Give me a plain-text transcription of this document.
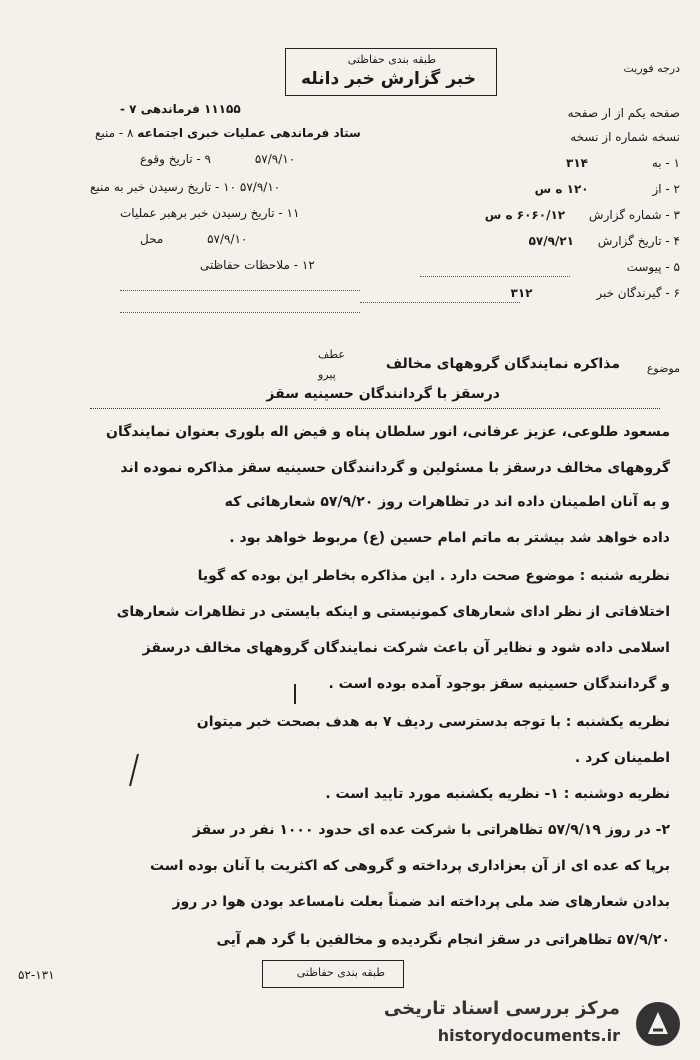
درجه فوریت
طبقه بندی حفاظتی
خبر گزارش خبر دانله
صفحه یکم از ار صفحه
نسخه شماره از نسخه
۱ - به ۳۱۴
۲ - از ۱۲۰ ه س
۳ - شماره گزارش ۶۰۶۰/۱۲ ه س
۴ - تاریخ گزارش ۵۷/۹/۲۱
۵ - پیوست
۶ - گیرندگان خبر ۳۱۲
۱۱۱۵۵ فرماندهی ۷ -
ستاد فرماندهی عملیات خبری اجتماعه ۸ - منبع
۵۷/۹/۱۰ ۹ - تاریخ وقوع
۵۷/۹/۱۰ ۱۰ - تاریخ رسیدن خبر به منبع
۱۱ - تاریخ رسیدن خبر برهبر عملیات
۵۷/۹/۱۰ محل
۱۲ - ملاحظات حفاظتی
موضوع
عطف
پیرو
مذاکره نمایندگان گروههای مخالف
درسقز با گردانندگان حسینیه سقز
مسعود طلوعی، عزیز عرفانی، انور سلطان پناه و فیض اله بلوری بعنوان نمایندگان
گروههای مخالف درسقز با مسئولین و گردانندگان حسینیه سقز مذاکره نموده اند
و به آنان اطمینان داده اند در تظاهرات روز ۵۷/۹/۲۰ شعارهائی که
داده خواهد شد بیشتر به ماتم امام حسین (ع) مربوط خواهد بود .
نظریه شنبه : موضوع صحت دارد . این مذاکره بخاطر این بوده که گویا
اختلافاتی از نظر ادای شعارهای کمونیستی و اینکه بایستی در تظاهرات شعارهای
اسلامی داده شود و نظایر آن باعث شرکت نمایندگان گروههای مخالف درسقز
و گردانندگان حسینیه سقز بوجود آمده بوده است .
نظریه یکشنبه : با توجه بدسترسی ردیف ۷ به هدف بصحت خبر میتوان
اطمینان کرد .
نظریه دوشنبه : ۱- نظریه یکشنبه مورد تایید است .
۲- در روز ۵۷/۹/۱۹ تظاهراتی با شرکت عده ای حدود ۱۰۰۰ نفر در سقز
برپا که عده ای از آن بعزاداری پرداخته و گروهی که اکثریت با آنان بوده است
بدادن شعارهای ضد ملی پرداخته اند ضمناً بعلت نامساعد بودن هوا در روز
۵۷/۹/۲۰ تظاهراتی در سقز انجام نگردیده و مخالفین با گرد هم آیی
طبقه بندی حفاظتی
۵۲-۱۳۱
مرکز بررسی اسناد تاریخی
historydocuments.ir
